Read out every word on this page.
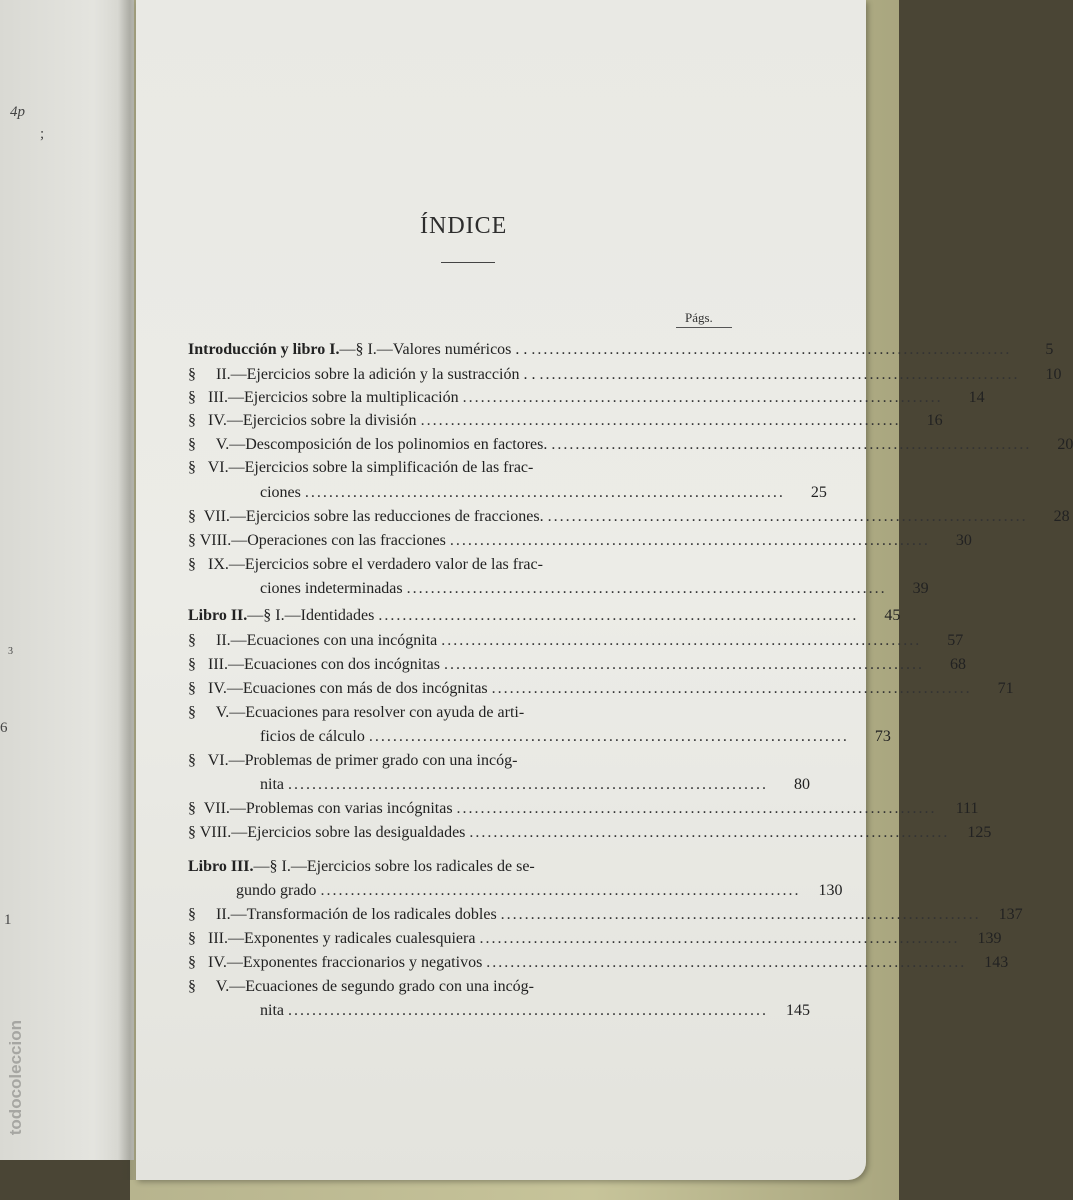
4p
;
3
6
1
ÍNDICE
Págs.
Introducción y libro I.—§ I.—Valores numéricos . . ................................................................................	5
§     II.—Ejercicios sobre la adición y la sustracción . . ................................................................................	10
§   III.—Ejercicios sobre la multiplicación ................................................................................	14
§   IV.—Ejercicios sobre la división ................................................................................	16
§     V.—Descomposición de los polinomios en factores. ................................................................................	20
§   VI.—Ejercicios sobre la simplificación de las frac-
ciones ................................................................................	25
§  VII.—Ejercicios sobre las reducciones de fracciones. ................................................................................	28
§ VIII.—Operaciones con las fracciones ................................................................................	30
§   IX.—Ejercicios sobre el verdadero valor de las frac-
ciones indeterminadas ................................................................................	39
Libro II.—§ I.—Identidades ................................................................................	45
§     II.—Ecuaciones con una incógnita ................................................................................	57
§   III.—Ecuaciones con dos incógnitas ................................................................................	68
§   IV.—Ecuaciones con más de dos incógnitas ................................................................................	71
§     V.—Ecuaciones para resolver con ayuda de arti-
ficios de cálculo ................................................................................	73
§   VI.—Problemas de primer grado con una incóg-
nita ................................................................................	80
§  VII.—Problemas con varias incógnitas ................................................................................	111
§ VIII.—Ejercicios sobre las desigualdades ................................................................................	125
Libro III.—§ I.—Ejercicios sobre los radicales de se-
gundo grado ................................................................................	130
§     II.—Transformación de los radicales dobles ................................................................................	137
§   III.—Exponentes y radicales cualesquiera ................................................................................	139
§   IV.—Exponentes fraccionarios y negativos ................................................................................	143
§     V.—Ecuaciones de segundo grado con una incóg-
nita ................................................................................	145
todocoleccion
